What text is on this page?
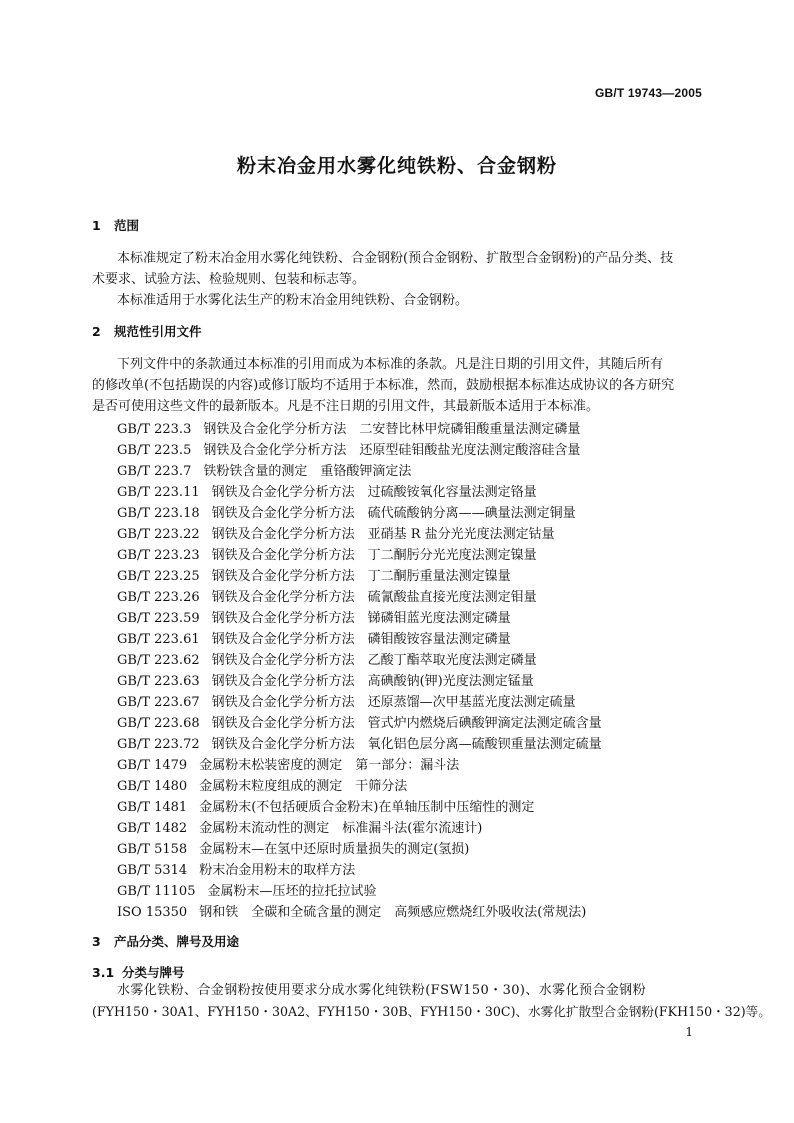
GB/T 19743—2005
粉末冶金用水雾化纯铁粉、合金钢粉
1 范围
本标准规定了粉末冶金用水雾化纯铁粉、合金钢粉(预合金钢粉、扩散型合金钢粉)的产品分类、技
术要求、试验方法、检验规则、包装和标志等。
本标准适用于水雾化法生产的粉末冶金用纯铁粉、合金钢粉。
2 规范性引用文件
下列文件中的条款通过本标准的引用而成为本标准的条款。凡是注日期的引用文件，其随后所有
的修改单(不包括勘误的内容)或修订版均不适用于本标准，然而，鼓励根据本标准达成协议的各方研究
是否可使用这些文件的最新版本。凡是不注日期的引用文件，其最新版本适用于本标准。
GB/T 223.3 钢铁及合金化学分析方法　二安替比林甲烷磷钼酸重量法测定磷量
GB/T 223.5 钢铁及合金化学分析方法　还原型硅钼酸盐光度法测定酸溶硅含量
GB/T 223.7 铁粉铁含量的测定　重铬酸钾滴定法
GB/T 223.11 钢铁及合金化学分析方法　过硫酸铵氧化容量法测定铬量
GB/T 223.18 钢铁及合金化学分析方法　硫代硫酸钠分离——碘量法测定铜量
GB/T 223.22 钢铁及合金化学分析方法　亚硝基 R 盐分光光度法测定钴量
GB/T 223.23 钢铁及合金化学分析方法　丁二酮肟分光光度法测定镍量
GB/T 223.25 钢铁及合金化学分析方法　丁二酮肟重量法测定镍量
GB/T 223.26 钢铁及合金化学分析方法　硫氰酸盐直接光度法测定钼量
GB/T 223.59 钢铁及合金化学分析方法　锑磷钼蓝光度法测定磷量
GB/T 223.61 钢铁及合金化学分析方法　磷钼酸铵容量法测定磷量
GB/T 223.62 钢铁及合金化学分析方法　乙酸丁酯萃取光度法测定磷量
GB/T 223.63 钢铁及合金化学分析方法　高碘酸钠(钾)光度法测定锰量
GB/T 223.67 钢铁及合金化学分析方法　还原蒸馏—次甲基蓝光度法测定硫量
GB/T 223.68 钢铁及合金化学分析方法　管式炉内燃烧后碘酸钾滴定法测定硫含量
GB/T 223.72 钢铁及合金化学分析方法　氧化铝色层分离—硫酸钡重量法测定硫量
GB/T 1479 金属粉末松装密度的测定　第一部分：漏斗法
GB/T 1480 金属粉末粒度组成的测定　干筛分法
GB/T 1481 金属粉末(不包括硬质合金粉末)在单轴压制中压缩性的测定
GB/T 1482 金属粉末流动性的测定　标准漏斗法(霍尔流速计)
GB/T 5158 金属粉末—在氢中还原时质量损失的测定(氢损)
GB/T 5314 粉末冶金用粉末的取样方法
GB/T 11105 金属粉末—压坯的拉托拉试验
ISO 15350 钢和铁　全碳和全硫含量的测定　高频感应燃烧红外吸收法(常规法)
3 产品分类、牌号及用途
3.1 分类与牌号
水雾化铁粉、合金钢粉按使用要求分成水雾化纯铁粉(FSW150・30)、水雾化预合金钢粉
(FYH150・30A1、FYH150・30A2、FYH150・30B、FYH150・30C)、水雾化扩散型合金钢粉(FKH150・32)等。
1
